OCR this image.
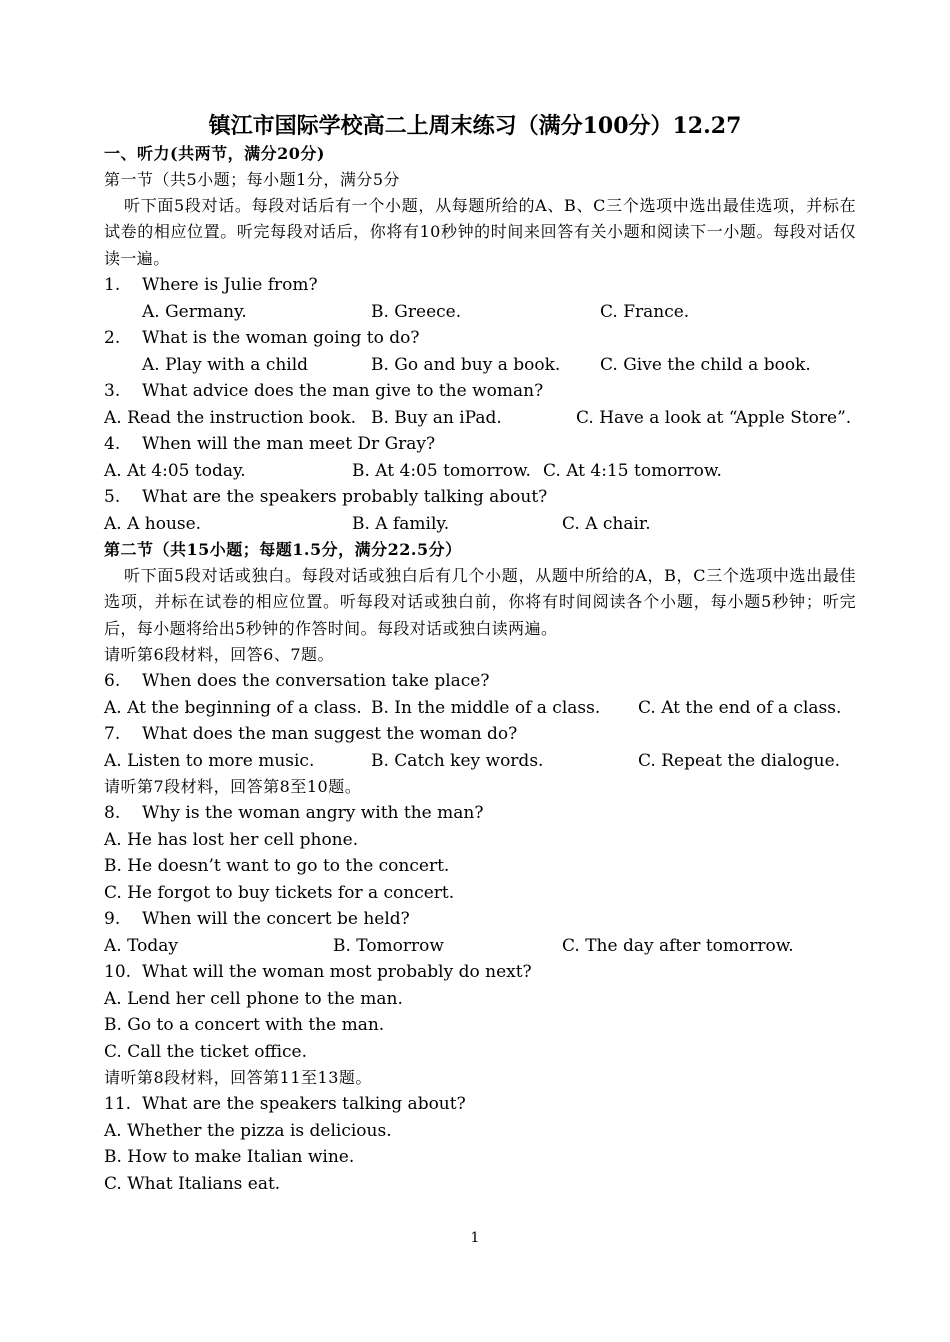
镇江市国际学校高二上周末练习（满分100分）12.27
一、听力(共两节，满分20分)
第一节（共5小题；每小题1分，满分5分

听下面5段对话。每段对话后有一个小题，从每题所给的A、B、C三个选项中选出最佳选项，并标在试卷的相应位置。听完每段对话后，你将有10秒钟的时间来回答有关小题和阅读下一小题。每段对话仅读一遍。

1. Where is Julie from?
A. Germany.	B. Greece.	C. France.
2. What is the woman going to do?
A. Play with a child	B. Go and buy a book. C. Give the child a book.
3. What advice does the man give to the woman?
A. Read the instruction book. B. Buy an iPad.	C. Have a look at “Apple Store”.
4. When will the man meet Dr Gray?
A. At 4:05 today.	B. At 4:05 tomorrow. C. At 4:15 tomorrow.
5. What are the speakers probably talking about?
A. A house.	B. A family.	C. A chair.
第二节（共15小题；每题1.5分，满分22.5分）

听下面5段对话或独白。每段对话或独白后有几个小题，从题中所给的A，B，C三个选项中选出最佳选项，并标在试卷的相应位置。听每段对话或独白前，你将有时间阅读各个小题，每小题5秒钟；听完后，每小题将给出5秒钟的作答时间。每段对话或独白读两遍。

请听第6段材料，回答6、7题。
6. When does the conversation take place?
A. At the beginning of a class. B. In the middle of a class. C. At the end of a class.
7. What does the man suggest the woman do?
A. Listen to more music.	B. Catch key words.	C. Repeat the dialogue.
请听第7段材料，回答第8至10题。
8. Why is the woman angry with the man?
A. He has lost her cell phone.
B. He doesn’t want to go to the concert.
C. He forgot to buy tickets for a concert.
9. When will the concert be held?
A. Today	B. Tomorrow	C. The day after tomorrow.
10. What will the woman most probably do next?
A. Lend her cell phone to the man.
B. Go to a concert with the man.
C. Call the ticket office.
请听第8段材料，回答第11至13题。
11. What are the speakers talking about?
A. Whether the pizza is delicious.
B. How to make Italian wine.
C. What Italians eat.
1
